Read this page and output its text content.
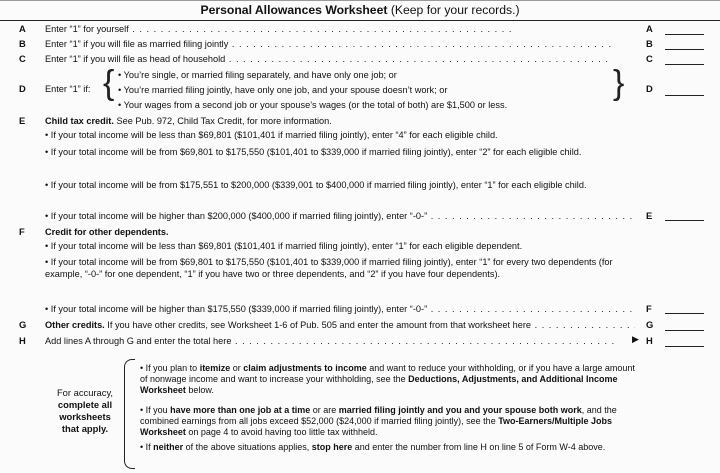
Personal Allowances Worksheet (Keep for your records.)
A Enter “1” for yourself . .	A
B Enter “1” if you will file as married filing jointly . .	B
C Enter “1” if you will file as head of household . .	C
D Enter “1” if:	D
{	}
• You’re single, or married filing separately, and have only one job; or
• You’re married filing jointly, have only one job, and your spouse doesn’t work; or
• Your wages from a second job or your spouse’s wages (or the total of both) are $1,500 or less.
E Child tax credit. See Pub. 972, Child Tax Credit, for more information.
• If your total income will be less than $69,801 ($101,401 if married filing jointly), enter “4” for each eligible child.
• If your total income will be from $69,801 to $175,550 ($101,401 to $339,000 if married filing jointly), enter “2” for each eligible child.
• If your total income will be from $175,551 to $200,000 ($339,001 to $400,000 if married filing jointly), enter “1” for each eligible child.
• If your total income will be higher than $200,000 ($400,000 if married filing jointly), enter “-0-” . .	E
F Credit for other dependents.
• If your total income will be less than $69,801 ($101,401 if married filing jointly), enter “1” for each eligible dependent.
• If your total income will be from $69,801 to $175,550 ($101,401 to $339,000 if married filing jointly), enter “1” for every two dependents (for example, “-0-” for one dependent, “1” if you have two or three dependents, and “2” if you have four dependents).
• If your total income will be higher than $175,550 ($339,000 if married filing jointly), enter “-0-” . .	F
G Other credits. If you have other credits, see Worksheet 1-6 of Pub. 505 and enter the amount from that worksheet here . .	G
H Add lines A through G and enter the total here . .	H
▶
For accuracy,
complete all
worksheets
that apply.
• If you plan to itemize or claim adjustments to income and want to reduce your withholding, or if you have a large amount of nonwage income and want to increase your withholding, see the Deductions, Adjustments, and Additional Income Worksheet below.
• If you have more than one job at a time or are married filing jointly and you and your spouse both work, and the combined earnings from all jobs exceed $52,000 ($24,000 if married filing jointly), see the Two-Earners/Multiple Jobs Worksheet on page 4 to avoid having too little tax withheld.
• If neither of the above situations applies, stop here and enter the number from line H on line 5 of Form W-4 above.
